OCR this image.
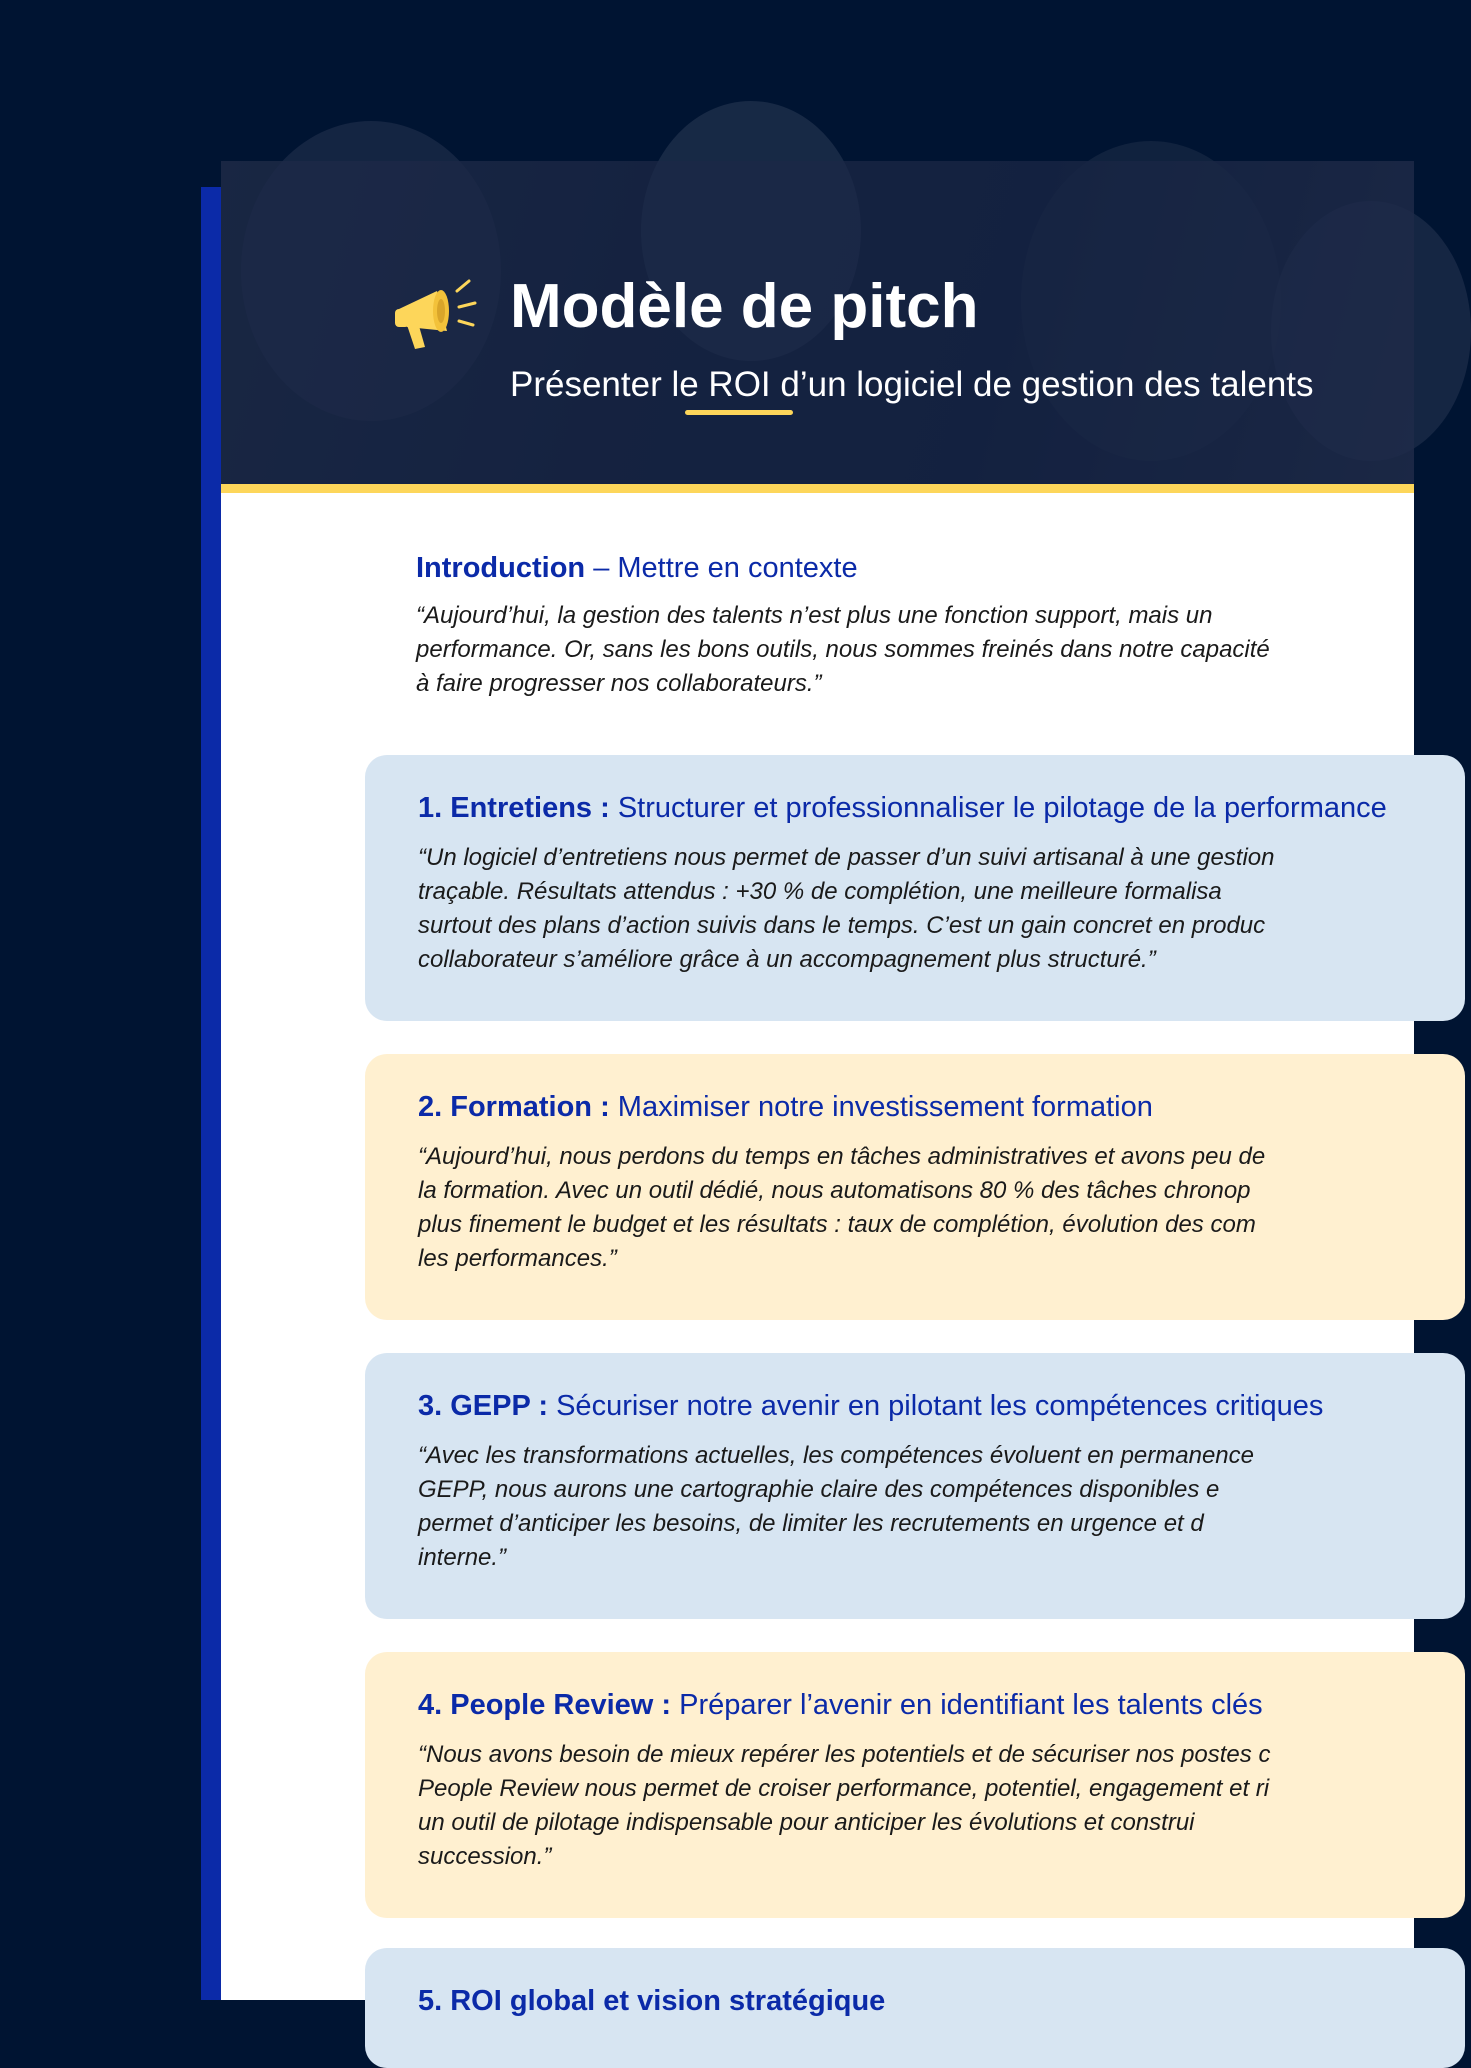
Modèle de pitch

Présenter le ROI d’un logiciel de gestion des talents

Introduction – Mettre en contexte

“Aujourd’hui, la gestion des talents n’est plus une fonction support, mais un
performance. Or, sans les bons outils, nous sommes freinés dans notre capacité
à faire progresser nos collaborateurs.”

1. Entretiens : Structurer et professionnaliser le pilotage de la performance

“Un logiciel d’entretiens nous permet de passer d’un suivi artisanal à une gestion
traçable. Résultats attendus : +30 % de complétion, une meilleure formalisa
surtout des plans d’action suivis dans le temps. C’est un gain concret en produc
collaborateur s’améliore grâce à un accompagnement plus structuré.”

2. Formation : Maximiser notre investissement formation

“Aujourd’hui, nous perdons du temps en tâches administratives et avons peu de
la formation. Avec un outil dédié, nous automatisons 80 % des tâches chronop
plus finement le budget et les résultats : taux de complétion, évolution des com
les performances.”

3. GEPP : Sécuriser notre avenir en pilotant les compétences critiques

“Avec les transformations actuelles, les compétences évoluent en permanence
GEPP, nous aurons une cartographie claire des compétences disponibles e
permet d’anticiper les besoins, de limiter les recrutements en urgence et d
interne.”

4. People Review : Préparer l’avenir en identifiant les talents clés

“Nous avons besoin de mieux repérer les potentiels et de sécuriser nos postes c
People Review nous permet de croiser performance, potentiel, engagement et ri
un outil de pilotage indispensable pour anticiper les évolutions et construi
succession.”

5. ROI global et vision stratégique
